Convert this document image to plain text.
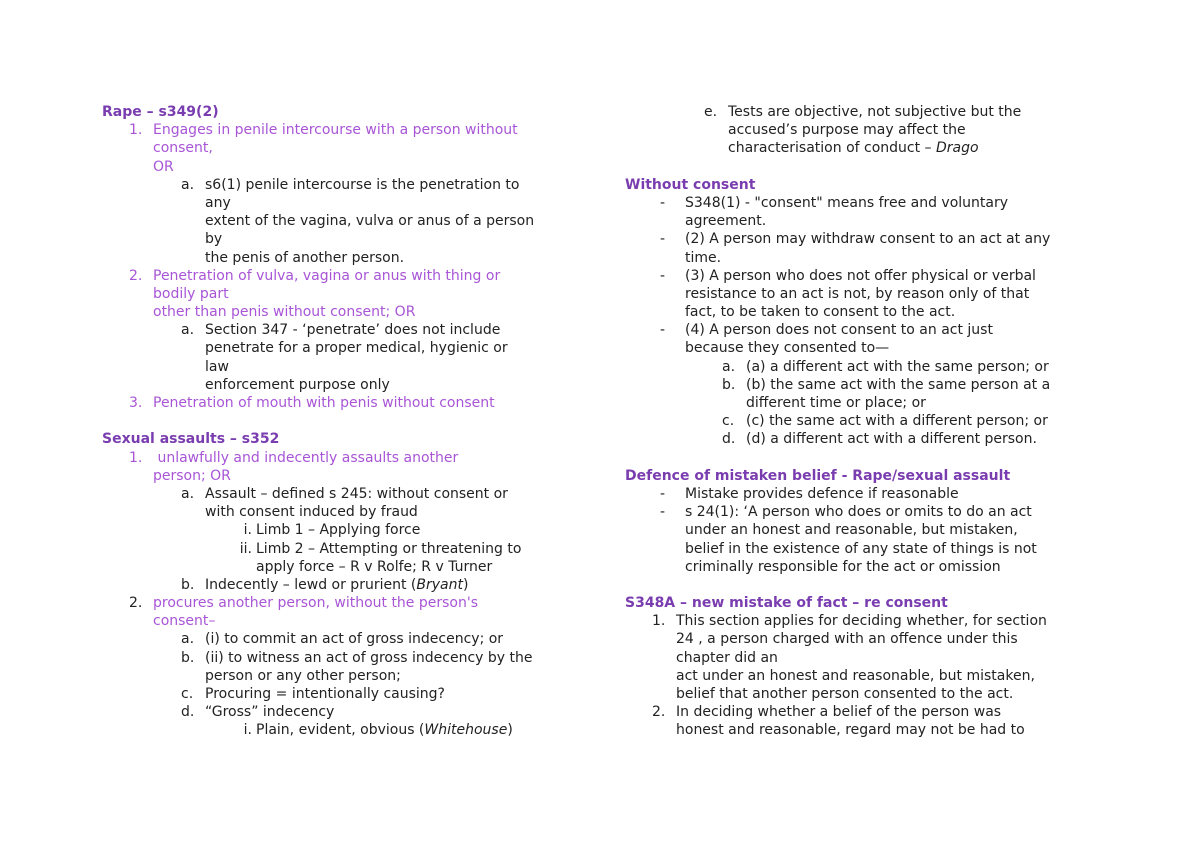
Rape – s349(2)
1. Engages in penile intercourse with a person without
consent,
OR
a. s6(1) penile intercourse is the penetration to
any
extent of the vagina, vulva or anus of a person
by
the penis of another person.
2. Penetration of vulva, vagina or anus with thing or
bodily part
other than penis without consent; OR
a. Section 347 - ‘penetrate’ does not include
penetrate for a proper medical, hygienic or
law
enforcement purpose only
3. Penetration of mouth with penis without consent
Sexual assaults – s352
1. unlawfully and indecently assaults another
person; OR
a. Assault – defined s 245: without consent or
with consent induced by fraud
i. Limb 1 – Applying force
ii. Limb 2 – Attempting or threatening to
apply force – R v Rolfe; R v Turner
b. Indecently – lewd or prurient (Bryant)
2. procures another person, without the person's
consent–
a. (i) to commit an act of gross indecency; or
b. (ii) to witness an act of gross indecency by the
person or any other person;
c. Procuring = intentionally causing?
d. “Gross” indecency
i. Plain, evident, obvious (Whitehouse)
e. Tests are objective, not subjective but the
accused’s purpose may affect the
characterisation of conduct – Drago
Without consent
- S348(1) - "consent" means free and voluntary
agreement.
- (2) A person may withdraw consent to an act at any
time.
- (3) A person who does not offer physical or verbal
resistance to an act is not, by reason only of that
fact, to be taken to consent to the act.
- (4) A person does not consent to an act just
because they consented to—
a. (a) a different act with the same person; or
b. (b) the same act with the same person at a
different time or place; or
c. (c) the same act with a different person; or
d. (d) a different act with a different person.
Defence of mistaken belief - Rape/sexual assault
- Mistake provides defence if reasonable
- s 24(1): ‘A person who does or omits to do an act
under an honest and reasonable, but mistaken,
belief in the existence of any state of things is not
criminally responsible for the act or omission
S348A – new mistake of fact – re consent
1. This section applies for deciding whether, for section
24 , a person charged with an offence under this
chapter did an
act under an honest and reasonable, but mistaken,
belief that another person consented to the act.
2. In deciding whether a belief of the person was
honest and reasonable, regard may not be had to
